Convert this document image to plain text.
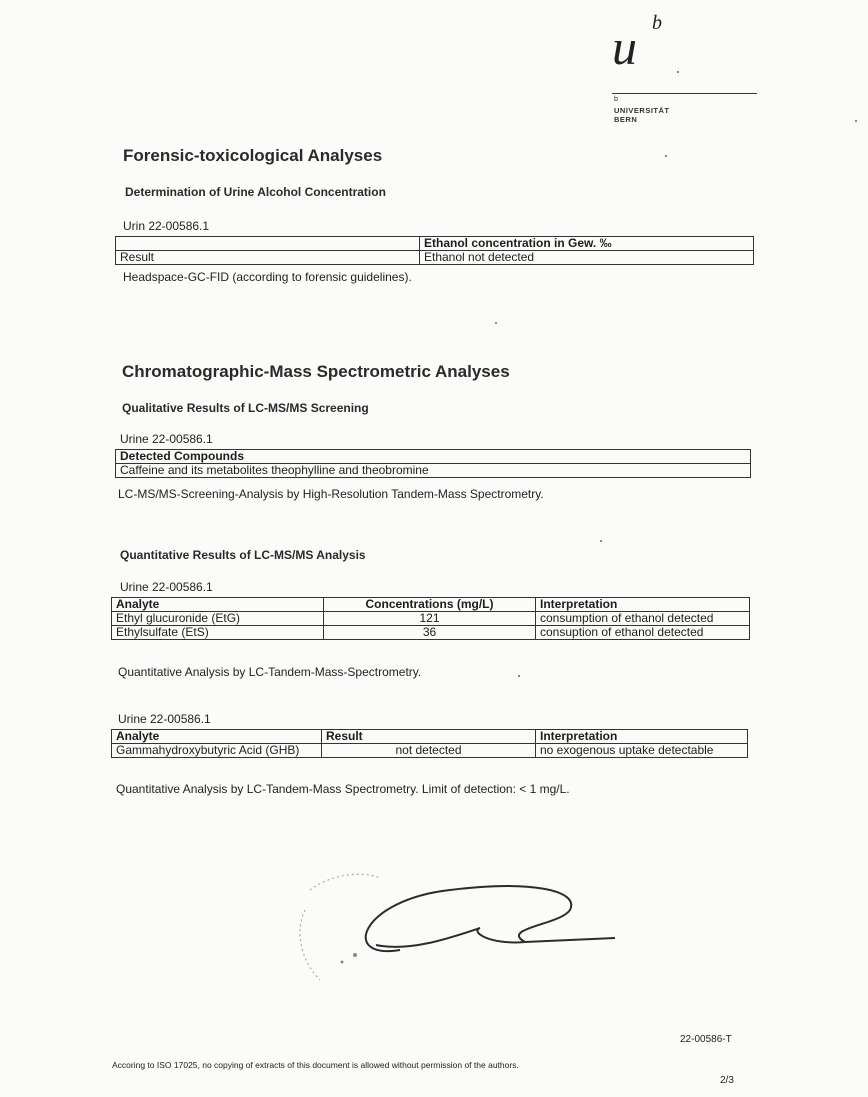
u b
b
UNIVERSITÄT
BERN
Forensic-toxicological Analyses
Determination of Urine Alcohol Concentration
Urin 22-00586.1
	Ethanol concentration in Gew. ‰
Result	Ethanol not detected
Headspace-GC-FID (according to forensic guidelines).
Chromatographic-Mass Spectrometric Analyses
Qualitative Results of LC-MS/MS Screening
Urine 22-00586.1
Detected Compounds
Caffeine and its metabolites theophylline and theobromine
LC-MS/MS-Screening-Analysis by High-Resolution Tandem-Mass Spectrometry.
Quantitative Results of LC-MS/MS Analysis
Urine 22-00586.1
Analyte	Concentrations (mg/L)	Interpretation
Ethyl glucuronide (EtG)	121	consumption of ethanol detected
Ethylsulfate (EtS)	36	consuption of ethanol detected
Quantitative Analysis by LC-Tandem-Mass-Spectrometry.
Urine 22-00586.1
Analyte	Result	Interpretation
Gammahydroxybutyric Acid (GHB)	not detected	no exogenous uptake detectable
Quantitative Analysis by LC-Tandem-Mass Spectrometry. Limit of detection: < 1 mg/L.
22-00586-T
Accoring to ISO 17025, no copying of extracts of this document is allowed without permission of the authors.
2/3
